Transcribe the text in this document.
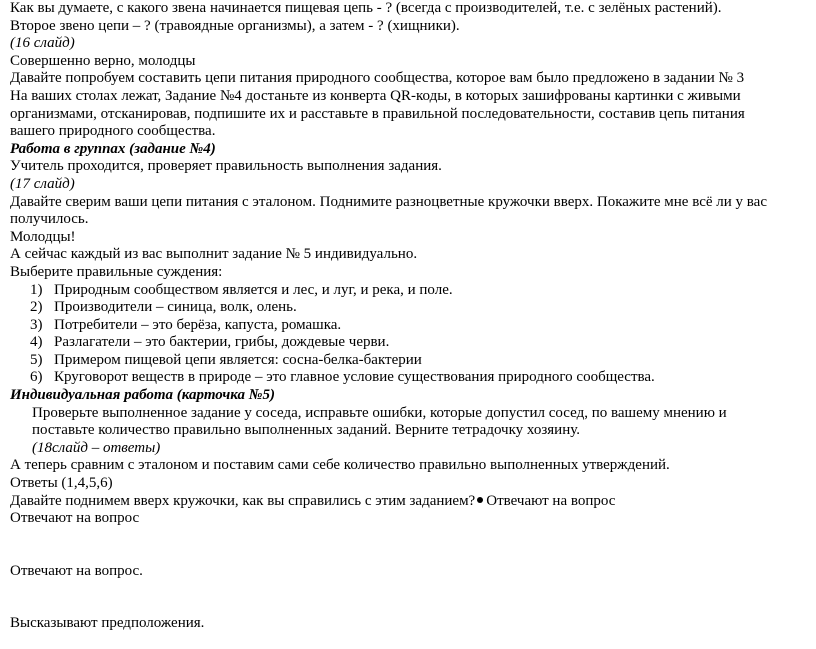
Как вы думаете, с какого звена начинается пищевая цепь - ? (всегда с производителей, т.е. с зелёных растений).
Второе звено цепи – ? (травоядные организмы), а затем - ? (хищники).
(16 слайд)
Совершенно верно, молодцы
Давайте попробуем составить цепи питания природного сообщества, которое вам было предложено в задании № 3
На ваших столах лежат, Задание №4 достаньте из конверта QR-коды, в которых зашифрованы картинки с живыми
организмами, отсканировав, подпишите их и расставьте в правильной последовательности, составив цепь питания
вашего природного сообщества.
Работа в группах (задание №4)
Учитель проходится, проверяет правильность выполнения задания.
(17 слайд)
Давайте сверим ваши цепи питания с эталоном. Поднимите разноцветные кружочки вверх. Покажите мне всё ли у вас
получилось.
Молодцы!
А сейчас каждый из вас выполнит задание № 5 индивидуально.
Выберите правильные суждения:
1) Природным сообществом является и лес, и луг, и река, и поле.
2) Производители – синица, волк, олень.
3) Потребители – это берёза, капуста, ромашка.
4) Разлагатели – это бактерии, грибы, дождевые черви.
5) Примером пищевой цепи является: сосна-белка-бактерии
6) Круговорот веществ в природе – это главное условие существования природного сообщества.
Индивидуальная работа (карточка №5)
Проверьте выполненное задание у соседа, исправьте ошибки, которые допустил сосед, по вашему мнению и
поставьте количество правильно выполненных заданий. Верните тетрадочку хозяину.
(18слайд – ответы)
А теперь сравним с эталоном и поставим сами себе количество правильно выполненных утверждений.
Ответы (1,4,5,6)
Давайте поднимем вверх кружочки, как вы справились с этим заданием? Отвечают на вопрос
Отвечают на вопрос
Отвечают на вопрос.
Высказывают предположения.
